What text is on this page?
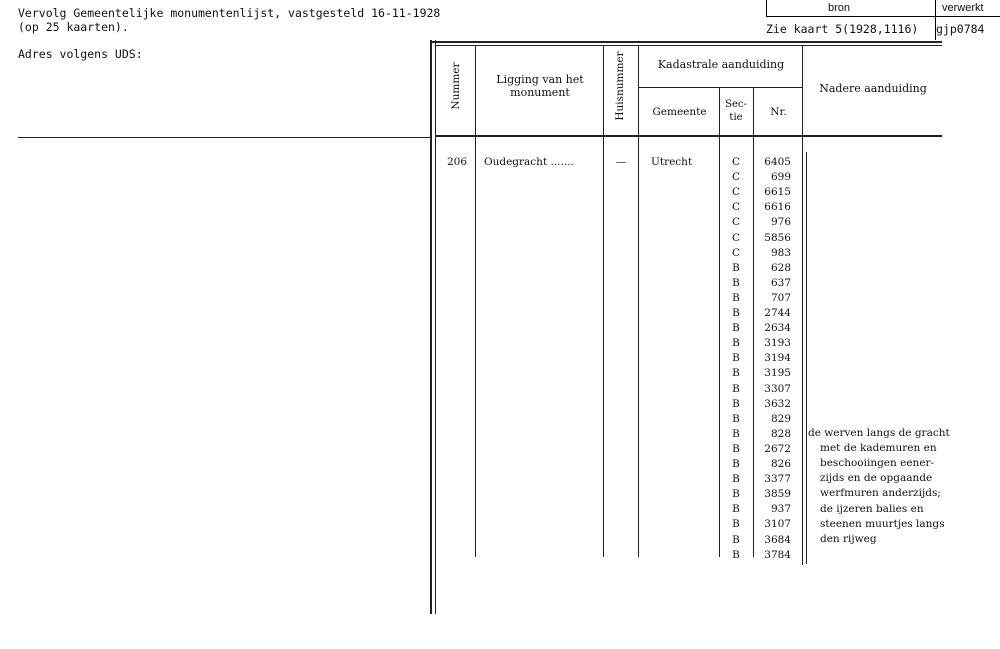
Vervolg Gemeentelijke monumentenlijst, vastgesteld 16-11-1928
(op 25 kaarten).
Adres volgens UDS:
bron	verwerkt
Zie kaart 5(1928,1116) gjp0784
Nummer	Ligging van het monument	Huisnummer	Kadastrale aanduiding
Gemeente
Sec-tie	Nr.
Nadere aanduiding
206	Oudegracht .......	—	Utrecht	C	6405
C	699
C	6615
C	6616
C	976
C	5856
C	983
B	628
B	637
B	707
B	2744
B	2634
B	3193
B	3194
B	3195
B	3307
B	3632
B	829
B	828
B	2672
B	826
B	3377
B	3859
B	937
B	3107
B	3684
B	3784
de werven langs de gracht
met de kademuren en
beschooiingen eener-
zijds en de opgaande
werfmuren anderzijds;
de ijzeren balies en
steenen muurtjes langs
den rijweg
